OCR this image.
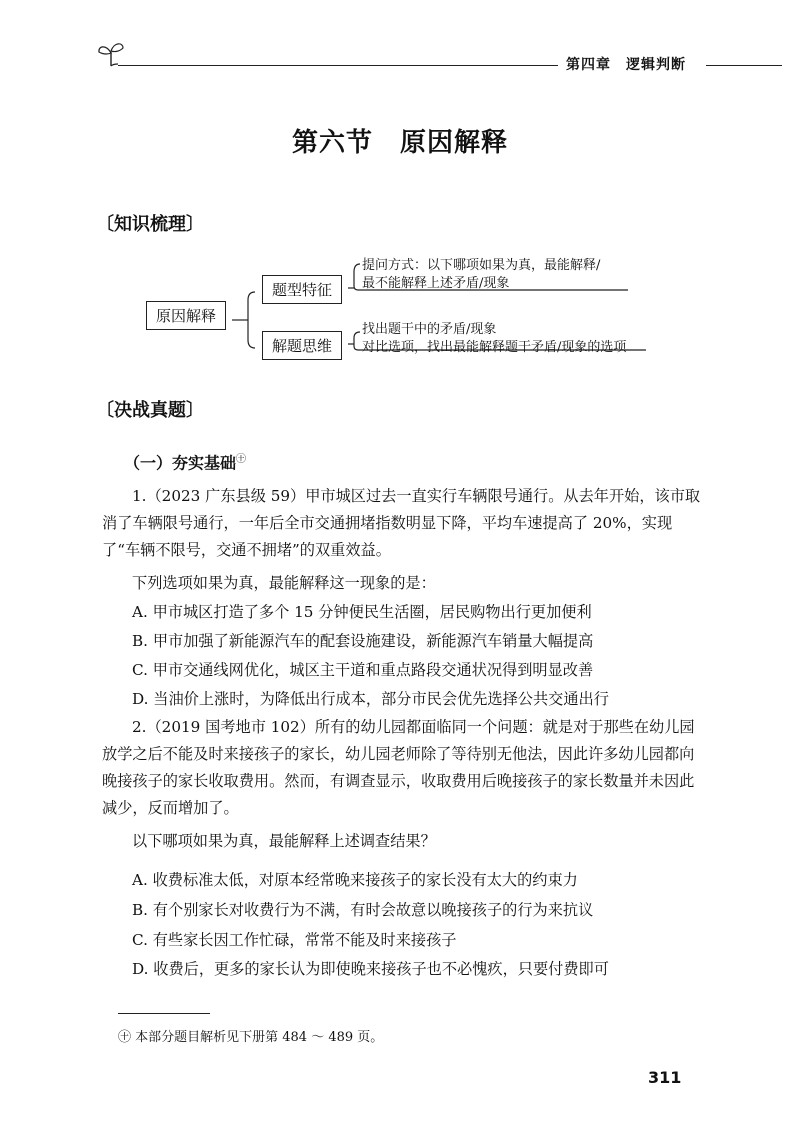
第四章　逻辑判断
第六节　原因解释
〔知识梳理〕
原因解释
题型特征
解题思维
提问方式：以下哪项如果为真，最能解释/
最不能解释上述矛盾/现象
找出题干中的矛盾/现象
对比选项，找出最能解释题干矛盾/现象的选项
〔决战真题〕
（一）夯实基础$^㊉$
1.（2023 广东县级 59）甲市城区过去一直实行车辆限号通行。从去年开始，该市取消了车辆限号通行，一年后全市交通拥堵指数明显下降，平均车速提高了 20%，实现了“车辆不限号，交通不拥堵”的双重效益。
下列选项如果为真，最能解释这一现象的是：
A. 甲市城区打造了多个 15 分钟便民生活圈，居民购物出行更加便利
B. 甲市加强了新能源汽车的配套设施建设，新能源汽车销量大幅提高
C. 甲市交通线网优化，城区主干道和重点路段交通状况得到明显改善
D. 当油价上涨时，为降低出行成本，部分市民会优先选择公共交通出行
2.（2019 国考地市 102）所有的幼儿园都面临同一个问题：就是对于那些在幼儿园放学之后不能及时来接孩子的家长，幼儿园老师除了等待别无他法，因此许多幼儿园都向晚接孩子的家长收取费用。然而，有调查显示，收取费用后晚接孩子的家长数量并未因此减少，反而增加了。
以下哪项如果为真，最能解释上述调查结果？
A. 收费标准太低，对原本经常晚来接孩子的家长没有太大的约束力
B. 有个别家长对收费行为不满，有时会故意以晚接孩子的行为来抗议
C. 有些家长因工作忙碌，常常不能及时来接孩子
D. 收费后，更多的家长认为即使晚来接孩子也不必愧疚，只要付费即可
㊉ 本部分题目解析见下册第 484 ～ 489 页。
311
